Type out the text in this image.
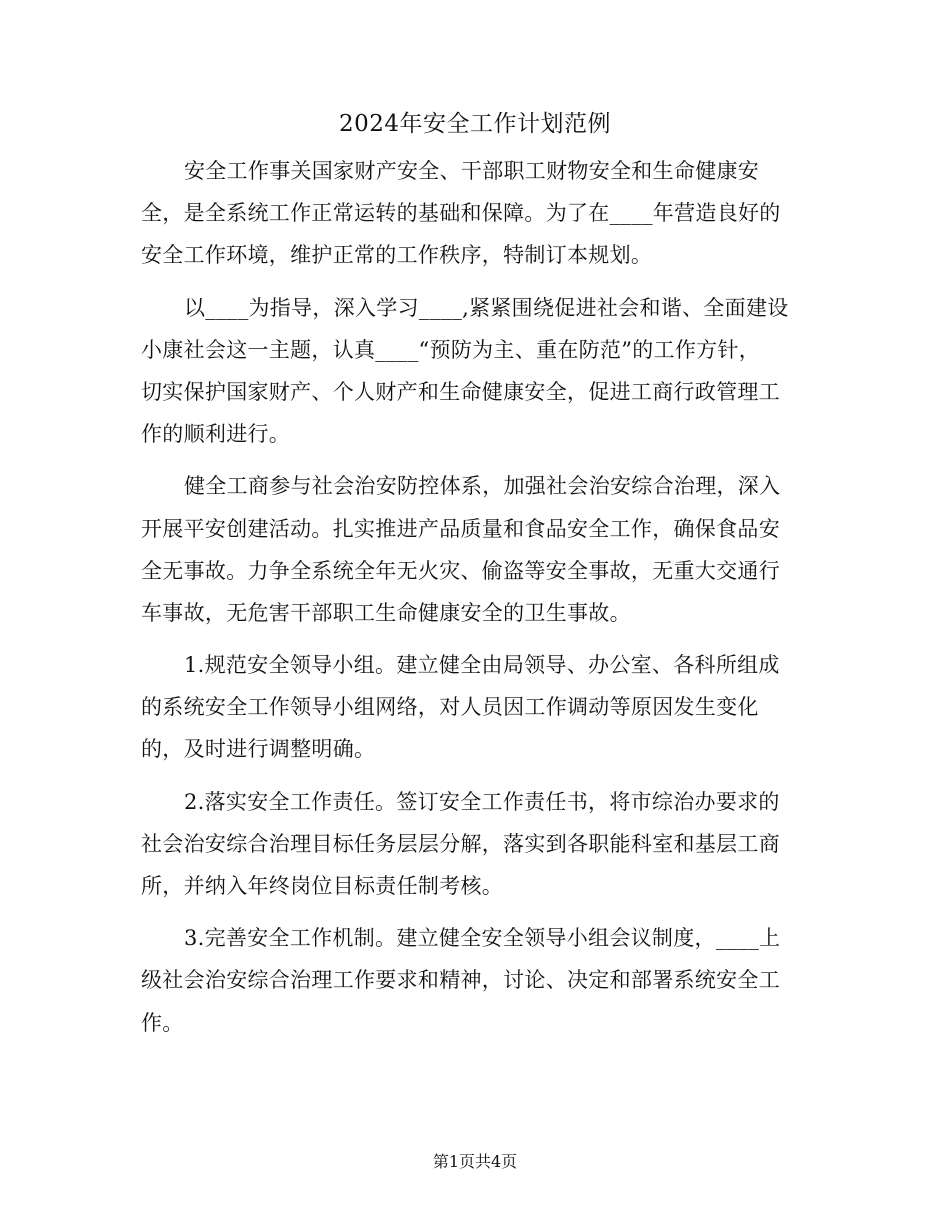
2024年安全工作计划范例
安全工作事关国家财产安全、干部职工财物安全和生命健康安
全，是全系统工作正常运转的基础和保障。为了在____年营造良好的
安全工作环境，维护正常的工作秩序，特制订本规划。
以____为指导，深入学习____,紧紧围绕促进社会和谐、全面建设
小康社会这一主题，认真____“预防为主、重在防范”的工作方针，
切实保护国家财产、个人财产和生命健康安全，促进工商行政管理工
作的顺利进行。
健全工商参与社会治安防控体系，加强社会治安综合治理，深入
开展平安创建活动。扎实推进产品质量和食品安全工作，确保食品安
全无事故。力争全系统全年无火灾、偷盗等安全事故，无重大交通行
车事故，无危害干部职工生命健康安全的卫生事故。
1.规范安全领导小组。建立健全由局领导、办公室、各科所组成
的系统安全工作领导小组网络，对人员因工作调动等原因发生变化
的，及时进行调整明确。
2.落实安全工作责任。签订安全工作责任书，将市综治办要求的
社会治安综合治理目标任务层层分解，落实到各职能科室和基层工商
所，并纳入年终岗位目标责任制考核。
3.完善安全工作机制。建立健全安全领导小组会议制度，____上
级社会治安综合治理工作要求和精神，讨论、决定和部署系统安全工
作。
第1页共4页
